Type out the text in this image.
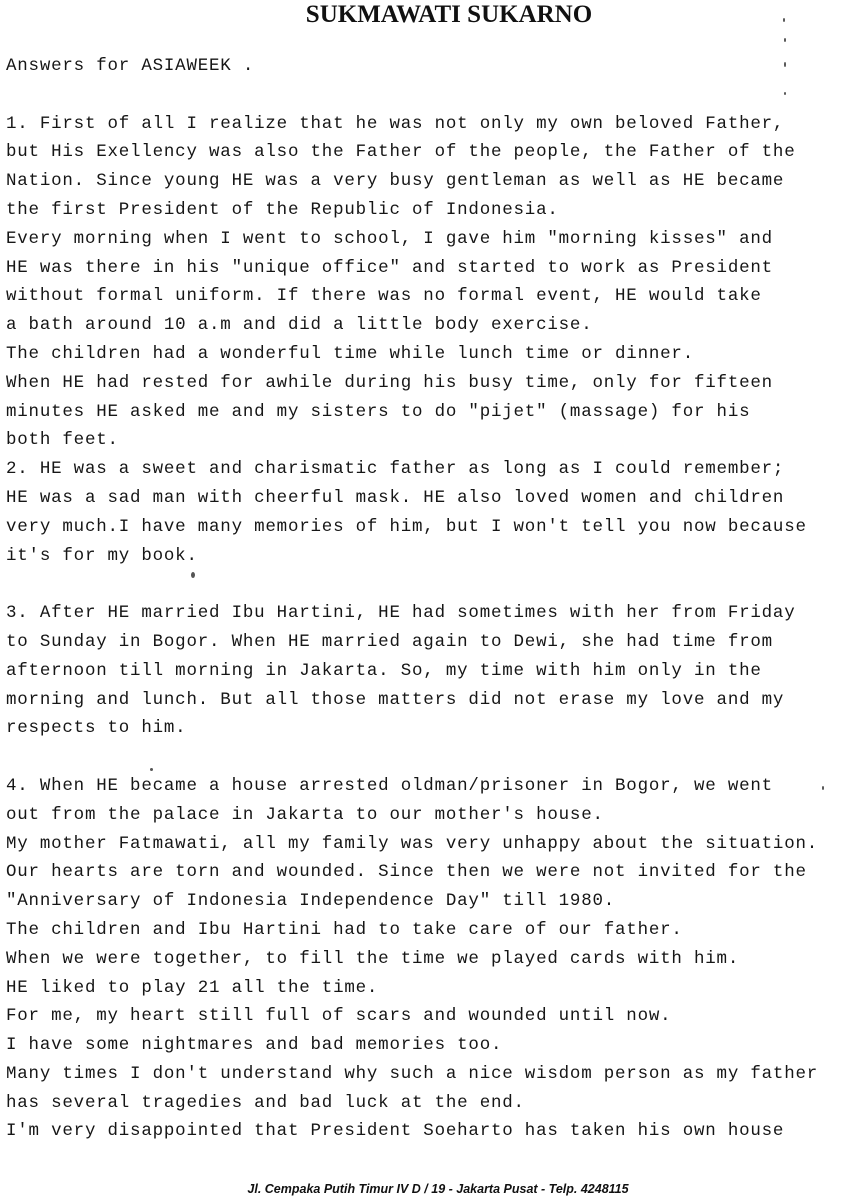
SUKMAWATI SUKARNO
Answers for ASIAWEEK .

1. First of all I realize that he was not only my own beloved Father,
but His Exellency was also the Father of the people, the Father of the
Nation. Since young HE was a very busy gentleman as well as HE became
the first President of the Republic of Indonesia.
Every morning when I went to school, I gave him "morning kisses" and
HE was there in his "unique office" and started to work as President
without formal uniform. If there was no formal event, HE would take
a bath around 10 a.m and did a little body exercise.
The children had a wonderful time while lunch time or dinner.
When HE had rested for awhile during his busy time, only for fifteen
minutes HE asked me and my sisters to do "pijet" (massage) for his
both feet.
2. HE was a sweet and charismatic father as long as I could remember;
HE was a sad man with cheerful mask. HE also loved women and children
very much.I have many memories of him, but I won't tell you now because
it's for my book.

3. After HE married Ibu Hartini, HE had sometimes with her from Friday
to Sunday in Bogor. When HE married again to Dewi, she had time from
afternoon till morning in Jakarta. So, my time with him only in the
morning and lunch. But all those matters did not erase my love and my
respects to him.

4. When HE became a house arrested oldman/prisoner in Bogor, we went
out from the palace in Jakarta to our mother's house.
My mother Fatmawati, all my family was very unhappy about the situation.
Our hearts are torn and wounded. Since then we were not invited for the
"Anniversary of Indonesia Independence Day" till 1980.
The children and Ibu Hartini had to take care of our father.
When we were together, to fill the time we played cards with him.
HE liked to play 21 all the time.
For me, my heart still full of scars and wounded until now.
I have some nightmares and bad memories too.
Many times I don't understand why such a nice wisdom person as my father
has several tragedies and bad luck at the end.
I'm very disappointed that President Soeharto has taken his own house
Jl. Cempaka Putih Timur IV D / 19 - Jakarta Pusat - Telp. 4248115
